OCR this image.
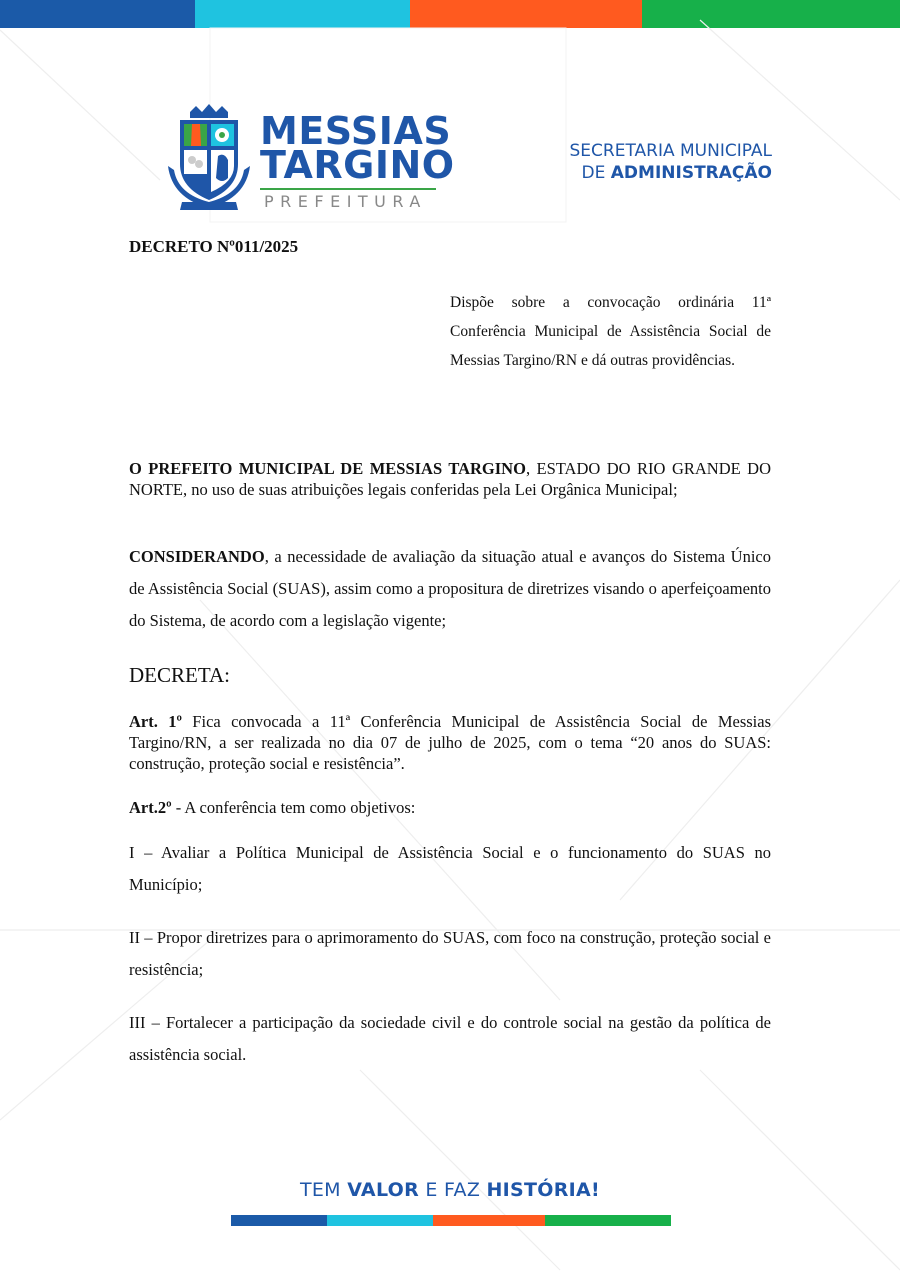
MESSIAS
TARGINO
PREFEITURA
SECRETARIA MUNICIPAL
DE ADMINISTRAÇÃO
DECRETO Nº011/2025
Dispõe sobre a convocação ordinária 11ª Conferência Municipal de Assistência Social de Messias Targino/RN e dá outras providências.

O PREFEITO MUNICIPAL DE MESSIAS TARGINO, ESTADO DO RIO GRANDE DO NORTE, no uso de suas atribuições legais conferidas pela Lei Orgânica Municipal;

CONSIDERANDO, a necessidade de avaliação da situação atual e avanços do Sistema Único de Assistência Social (SUAS), assim como a propositura de diretrizes visando o aperfeiçoamento do Sistema, de acordo com a legislação vigente;

DECRETA:

Art. 1º Fica convocada a 11ª Conferência Municipal de Assistência Social de Messias Targino/RN, a ser realizada no dia 07 de julho de 2025, com o tema “20 anos do SUAS: construção, proteção social e resistência”.

Art.2º - A conferência tem como objetivos:

I – Avaliar a Política Municipal de Assistência Social e o funcionamento do SUAS no Município;

II – Propor diretrizes para o aprimoramento do SUAS, com foco na construção, proteção social e resistência;

III – Fortalecer a participação da sociedade civil e do controle social na gestão da política de assistência social.

TEM VALOR E FAZ HISTÓRIA!
